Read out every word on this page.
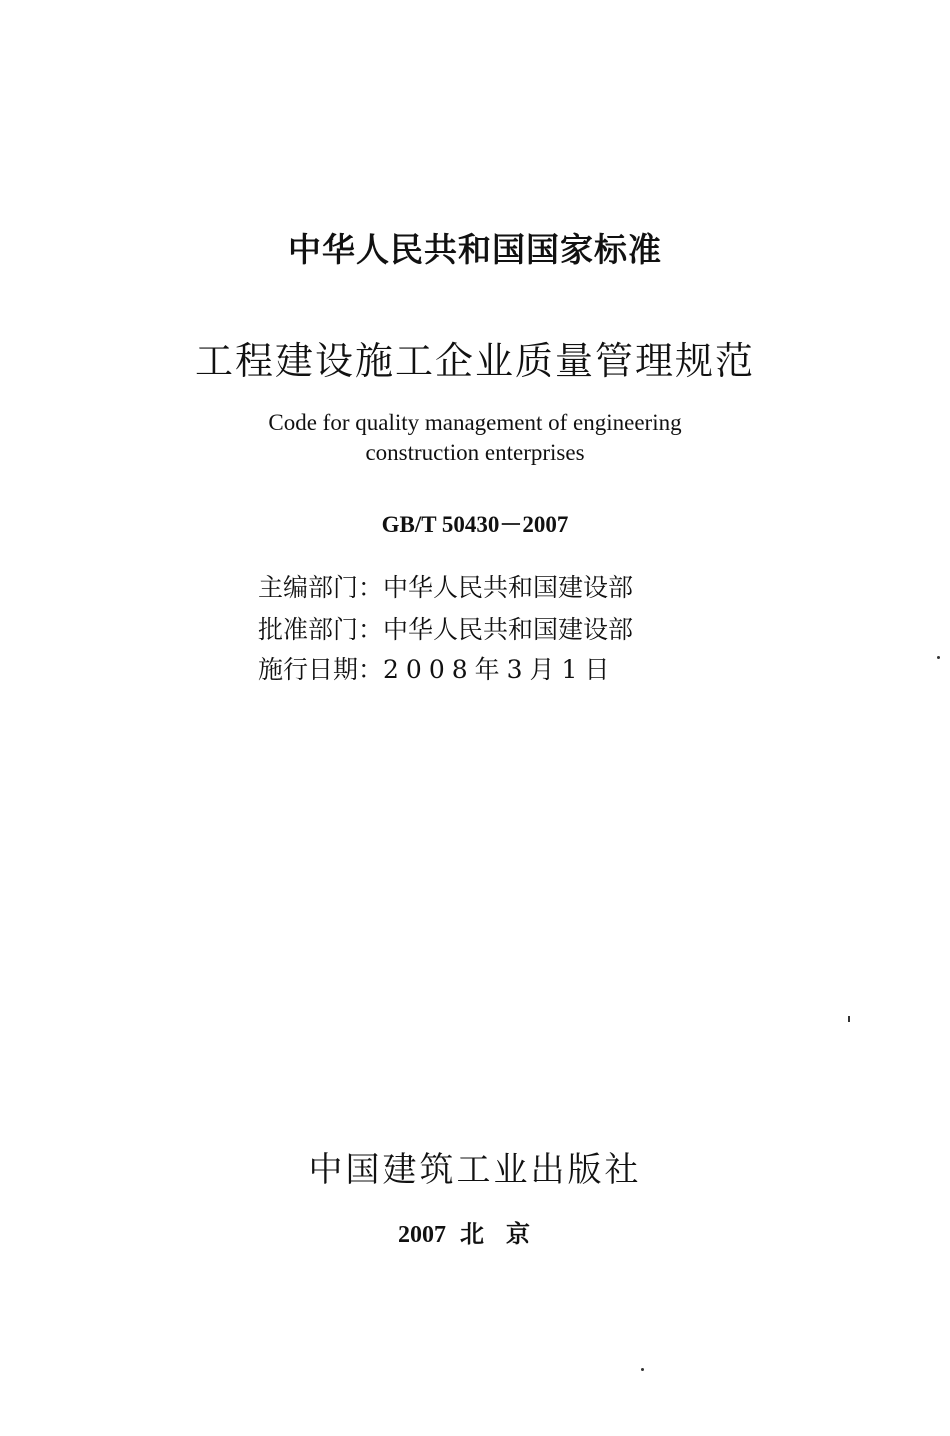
中华人民共和国国家标准
工程建设施工企业质量管理规范
Code for quality management of engineering
construction enterprises
GB/T 50430－2007
主编部门：中华人民共和国建设部
批准部门：中华人民共和国建设部
施行日期：2008年3月1日
中国建筑工业出版社
2007 北京
